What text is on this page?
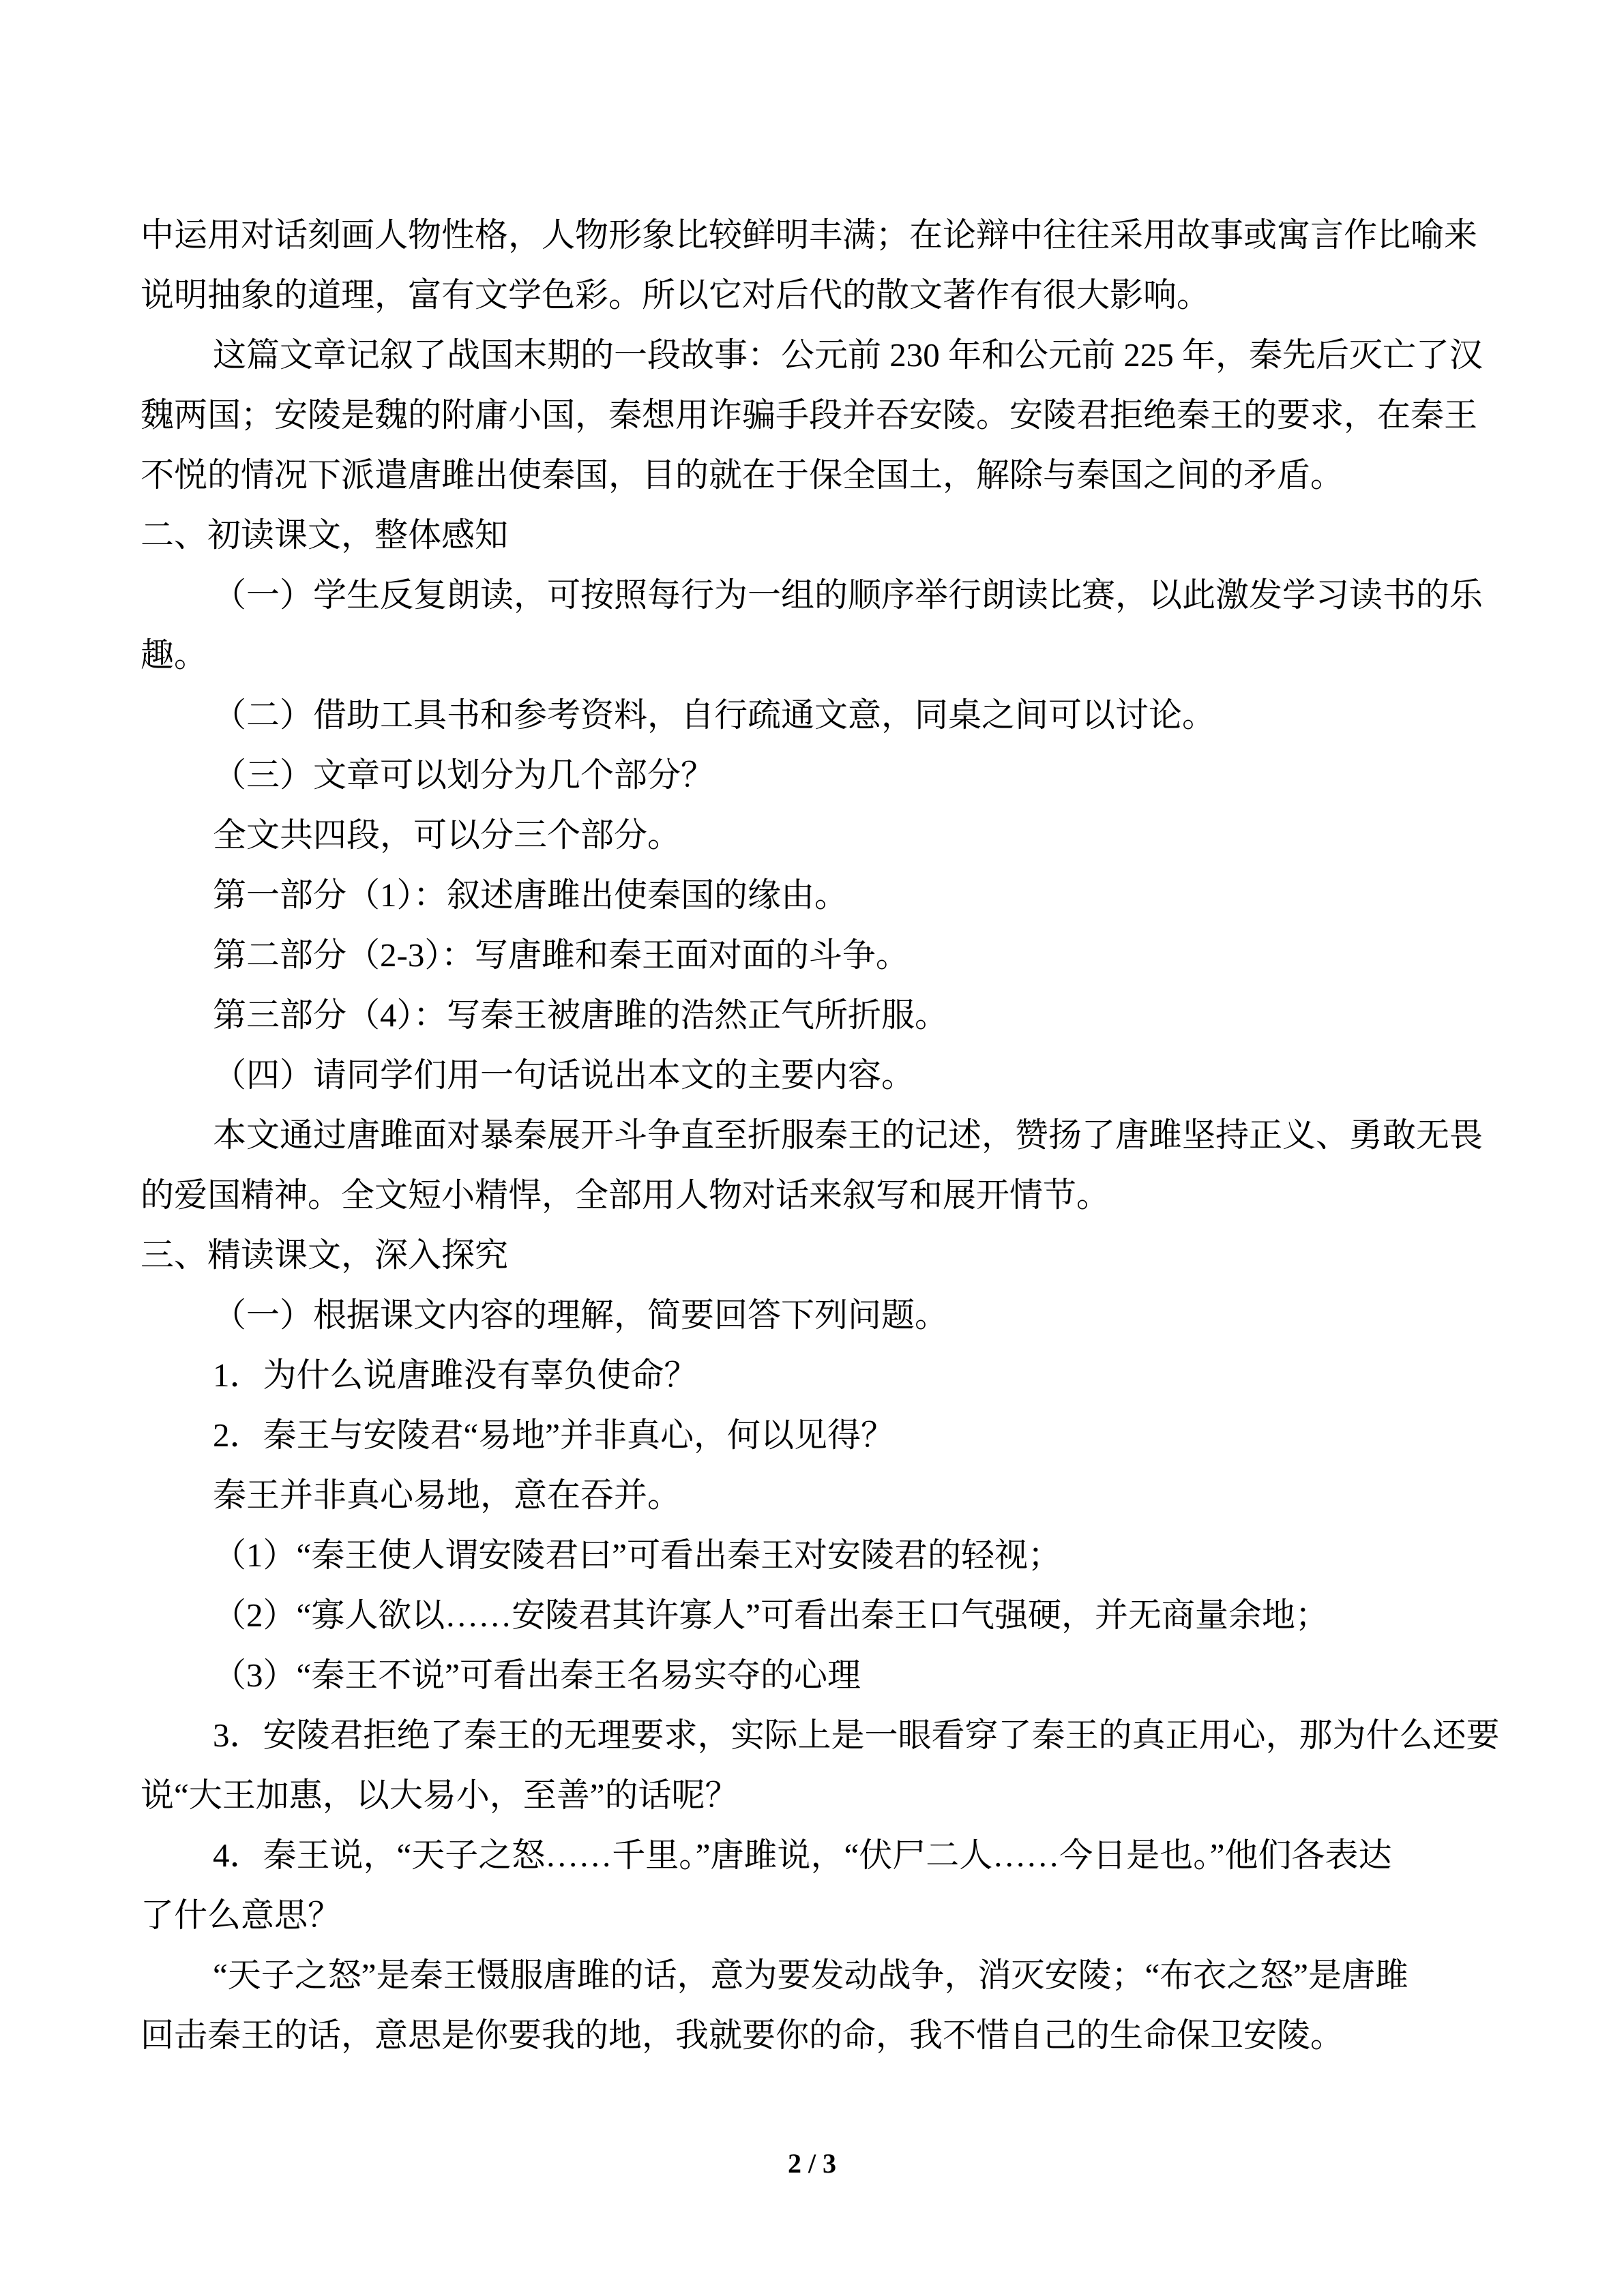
中运用对话刻画人物性格，人物形象比较鲜明丰满；在论辩中往往采用故事或寓言作比喻来
说明抽象的道理，富有文学色彩。所以它对后代的散文著作有很大影响。
这篇文章记叙了战国末期的一段故事：公元前 230 年和公元前 225 年，秦先后灭亡了汉
魏两国；安陵是魏的附庸小国，秦想用诈骗手段并吞安陵。安陵君拒绝秦王的要求，在秦王
不悦的情况下派遣唐雎出使秦国，目的就在于保全国土，解除与秦国之间的矛盾。
二、初读课文，整体感知
（一）学生反复朗读，可按照每行为一组的顺序举行朗读比赛，以此激发学习读书的乐
趣。
（二）借助工具书和参考资料，自行疏通文意，同桌之间可以讨论。
（三）文章可以划分为几个部分？
全文共四段，可以分三个部分。
第一部分（1）：叙述唐雎出使秦国的缘由。
第二部分（2-3）：写唐雎和秦王面对面的斗争。
第三部分（4）：写秦王被唐雎的浩然正气所折服。
（四）请同学们用一句话说出本文的主要内容。
本文通过唐雎面对暴秦展开斗争直至折服秦王的记述，赞扬了唐雎坚持正义、勇敢无畏
的爱国精神。全文短小精悍，全部用人物对话来叙写和展开情节。
三、精读课文，深入探究
（一）根据课文内容的理解，简要回答下列问题。
1．为什么说唐雎没有辜负使命？
2．秦王与安陵君“易地”并非真心，何以见得？
秦王并非真心易地，意在吞并。
（1）“秦王使人谓安陵君曰”可看出秦王对安陵君的轻视；
（2）“寡人欲以……安陵君其许寡人”可看出秦王口气强硬，并无商量余地；
（3）“秦王不说”可看出秦王名易实夺的心理
3．安陵君拒绝了秦王的无理要求，实际上是一眼看穿了秦王的真正用心，那为什么还要
说“大王加惠，以大易小，至善”的话呢？
4．秦王说，“天子之怒……千里。”唐雎说，“伏尸二人……今日是也。”他们各表达
了什么意思？
“天子之怒”是秦王慑服唐雎的话，意为要发动战争，消灭安陵；“布衣之怒”是唐雎
回击秦王的话，意思是你要我的地，我就要你的命，我不惜自己的生命保卫安陵。
2 / 3
